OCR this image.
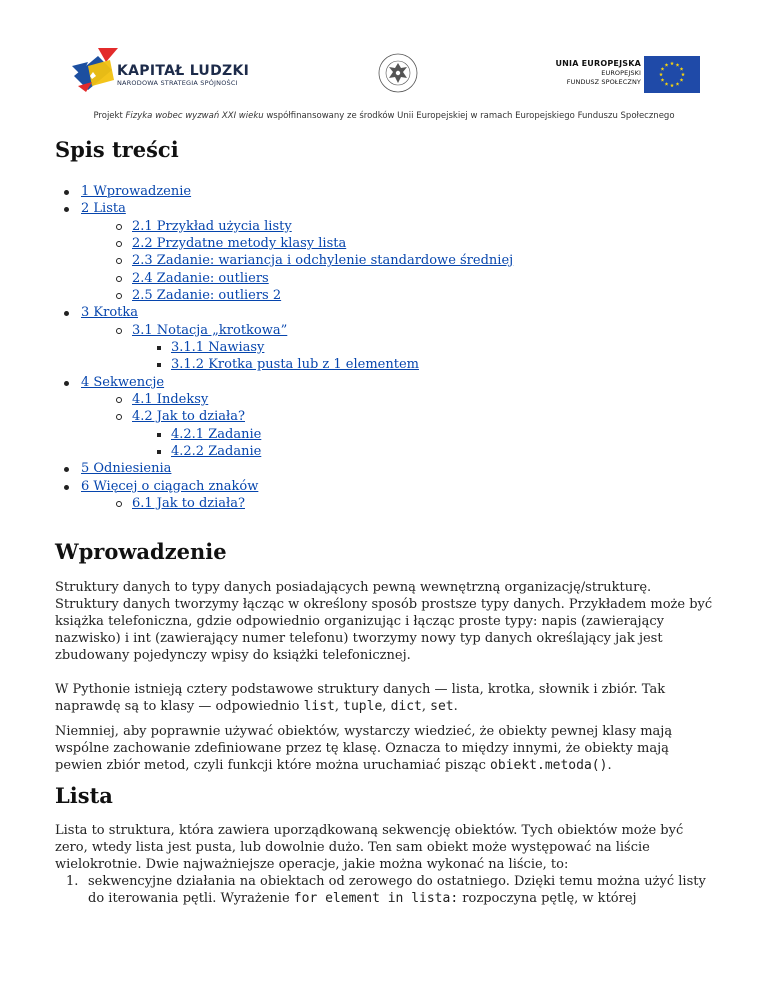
KAPITAŁ LUDZKI
NARODOWA STRATEGIA SPÓJNOŚCI
UNIA EUROPEJSKA
EUROPEJSKI
FUNDUSZ SPOŁECZNY
Projekt Fizyka wobec wyzwań XXI wieku współfinansowany ze środków Unii Europejskiej w ramach Europejskiego Funduszu Społecznego
Spis treści
1 Wprowadzenie
2 Lista
2.1 Przykład użycia listy
2.2 Przydatne metody klasy lista
2.3 Zadanie: wariancja i odchylenie standardowe średniej
2.4 Zadanie: outliers
2.5 Zadanie: outliers 2
3 Krotka
3.1 Notacja „krotkowa”
3.1.1 Nawiasy
3.1.2 Krotka pusta lub z 1 elementem
4 Sekwencje
4.1 Indeksy
4.2 Jak to działa?
4.2.1 Zadanie
4.2.2 Zadanie
5 Odniesienia
6 Więcej o ciągach znaków
6.1 Jak to działa?
Wprowadzenie

Struktury danych to typy danych posiadających pewną wewnętrzną organizację/strukturę. Struktury danych tworzymy łącząc w określony sposób prostsze typy danych. Przykładem może być książka telefoniczna, gdzie odpowiednio organizując i łącząc proste typy: napis (zawierający nazwisko) i int (zawierający numer telefonu) tworzymy nowy typ danych określający jak jest zbudowany pojedynczy wpisy do książki telefonicznej.

W Pythonie istnieją cztery podstawowe struktury danych — lista, krotka, słownik i zbiór. Tak naprawdę są to klasy — odpowiednio list, tuple, dict, set.

Niemniej, aby poprawnie używać obiektów, wystarczy wiedzieć, że obiekty pewnej klasy mają wspólne zachowanie zdefiniowane przez tę klasę. Oznacza to między innymi, że obiekty mają pewien zbiór metod, czyli funkcji które można uruchamiać pisząc obiekt.metoda().

Lista

Lista to struktura, która zawiera uporządkowaną sekwencję obiektów. Tych obiektów może być zero, wtedy lista jest pusta, lub dowolnie dużo. Ten sam obiekt może występować na liście wielokrotnie. Dwie najważniejsze operacje, jakie można wykonać na liście, to:

1. sekwencyjne działania na obiektach od zerowego do ostatniego. Dzięki temu można użyć listy do iterowania pętli. Wyrażenie for element in lista: rozpoczyna pętlę, w której
